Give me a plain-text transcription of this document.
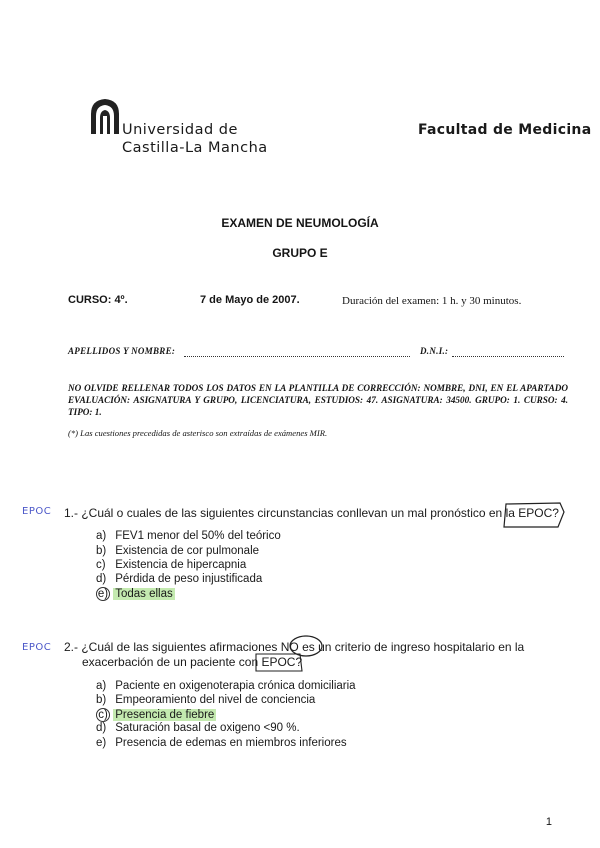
Universidad de
Castilla-La Mancha
Facultad de Medicina
EXAMEN DE NEUMOLOGÍA
GRUPO E
CURSO: 4º.	7 de Mayo de 2007.	Duración del examen: 1 h. y 30 minutos.
APELLIDOS Y NOMBRE:	D.N.I.:
NO OLVIDE RELLENAR TODOS LOS DATOS EN LA PLANTILLA DE CORRECCIÓN: NOMBRE, DNI, EN EL APARTADO EVALUACIÓN: ASIGNATURA Y GRUPO, LICENCIATURA, ESTUDIOS: 47. ASIGNATURA: 34500. GRUPO: 1. CURSO: 4. TIPO: 1.
(*) Las cuestiones precedidas de asterisco son extraídas de exámenes MIR.
EPOC 1.- ¿Cuál o cuales de las siguientes circunstancias conllevan un mal pronóstico en la EPOC?
a) FEV1 menor del 50% del teórico
b) Existencia de cor pulmonale
c) Existencia de hipercapnia
d) Pérdida de peso injustificada
e) Todas ellas
EPOC 2.- ¿Cuál de las siguientes afirmaciones NO es un criterio de ingreso hospitalario en la
exacerbación de un paciente con EPOC?
a) Paciente en oxigenoterapia crónica domiciliaria
b) Empeoramiento del nivel de conciencia
c) Presencia de fiebre
d) Saturación basal de oxigeno <90 %.
e) Presencia de edemas en miembros inferiores
1
